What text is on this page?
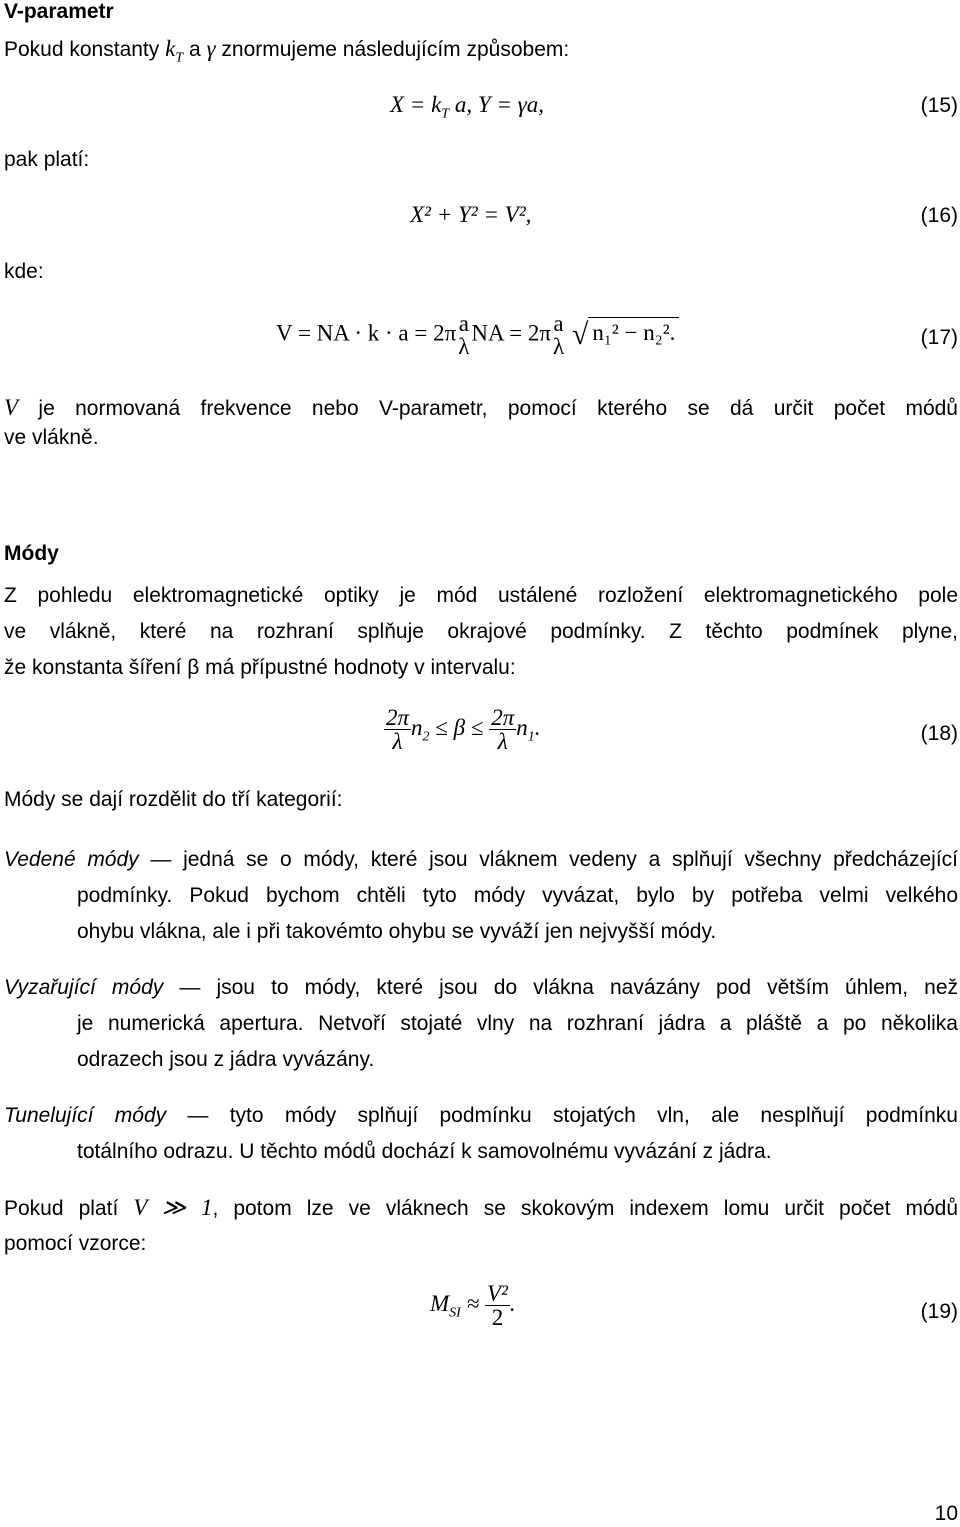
V-parametr
Pokud konstanty $k_T$ a γ znormujeme následujícím způsobem:
$X = k_T$ a, Y = γa,	(15)
pak platí:
X² + Y² = V²,	(16)
kde:
V = NA · k · a = 2π a
λ
NA = 2π a
λ √ n₁² − n₂².	(17)
V je normovaná frekvence nebo V-parametr, pomocí kterého se dá určit počet módů
ve vlákně.
Módy
Z pohledu elektromagnetické optiky je mód ustálené rozložení elektromagnetického pole
ve vlákně, které na rozhraní splňuje okrajové podmínky. Z těchto podmínek plyne,
že konstanta šíření β má přípustné hodnoty v intervalu:
$\frac{2\pi}{\lambda} n_2 \le \beta \le \frac{2\pi}{\lambda} n_1$.	(18)
Módy se dají rozdělit do tří kategorií:
Vedené módy — jedná se o módy, které jsou vláknem vedeny a splňují všechny předcházející
podmínky. Pokud bychom chtěli tyto módy vyvázat, bylo by potřeba velmi velkého
ohybu vlákna, ale i při takovémto ohybu se vyváží jen nejvyšší módy.
Vyzařující módy — jsou to módy, které jsou do vlákna navázány pod větším úhlem, než
je numerická apertura. Netvoří stojaté vlny na rozhraní jádra a pláště a po několika
odrazech jsou z jádra vyvázány.
Tunelující módy — tyto módy splňují podmínku stojatých vln, ale nesplňují podmínku
totálního odrazu. U těchto módů dochází k samovolnému vyvázání z jádra.
Pokud platí V ≫ 1, potom lze ve vláknech se skokovým indexem lomu určit počet módů
pomocí vzorce:
$M_{SI} \approx \frac{\text{V²}}{2}$ .	(19)
10
